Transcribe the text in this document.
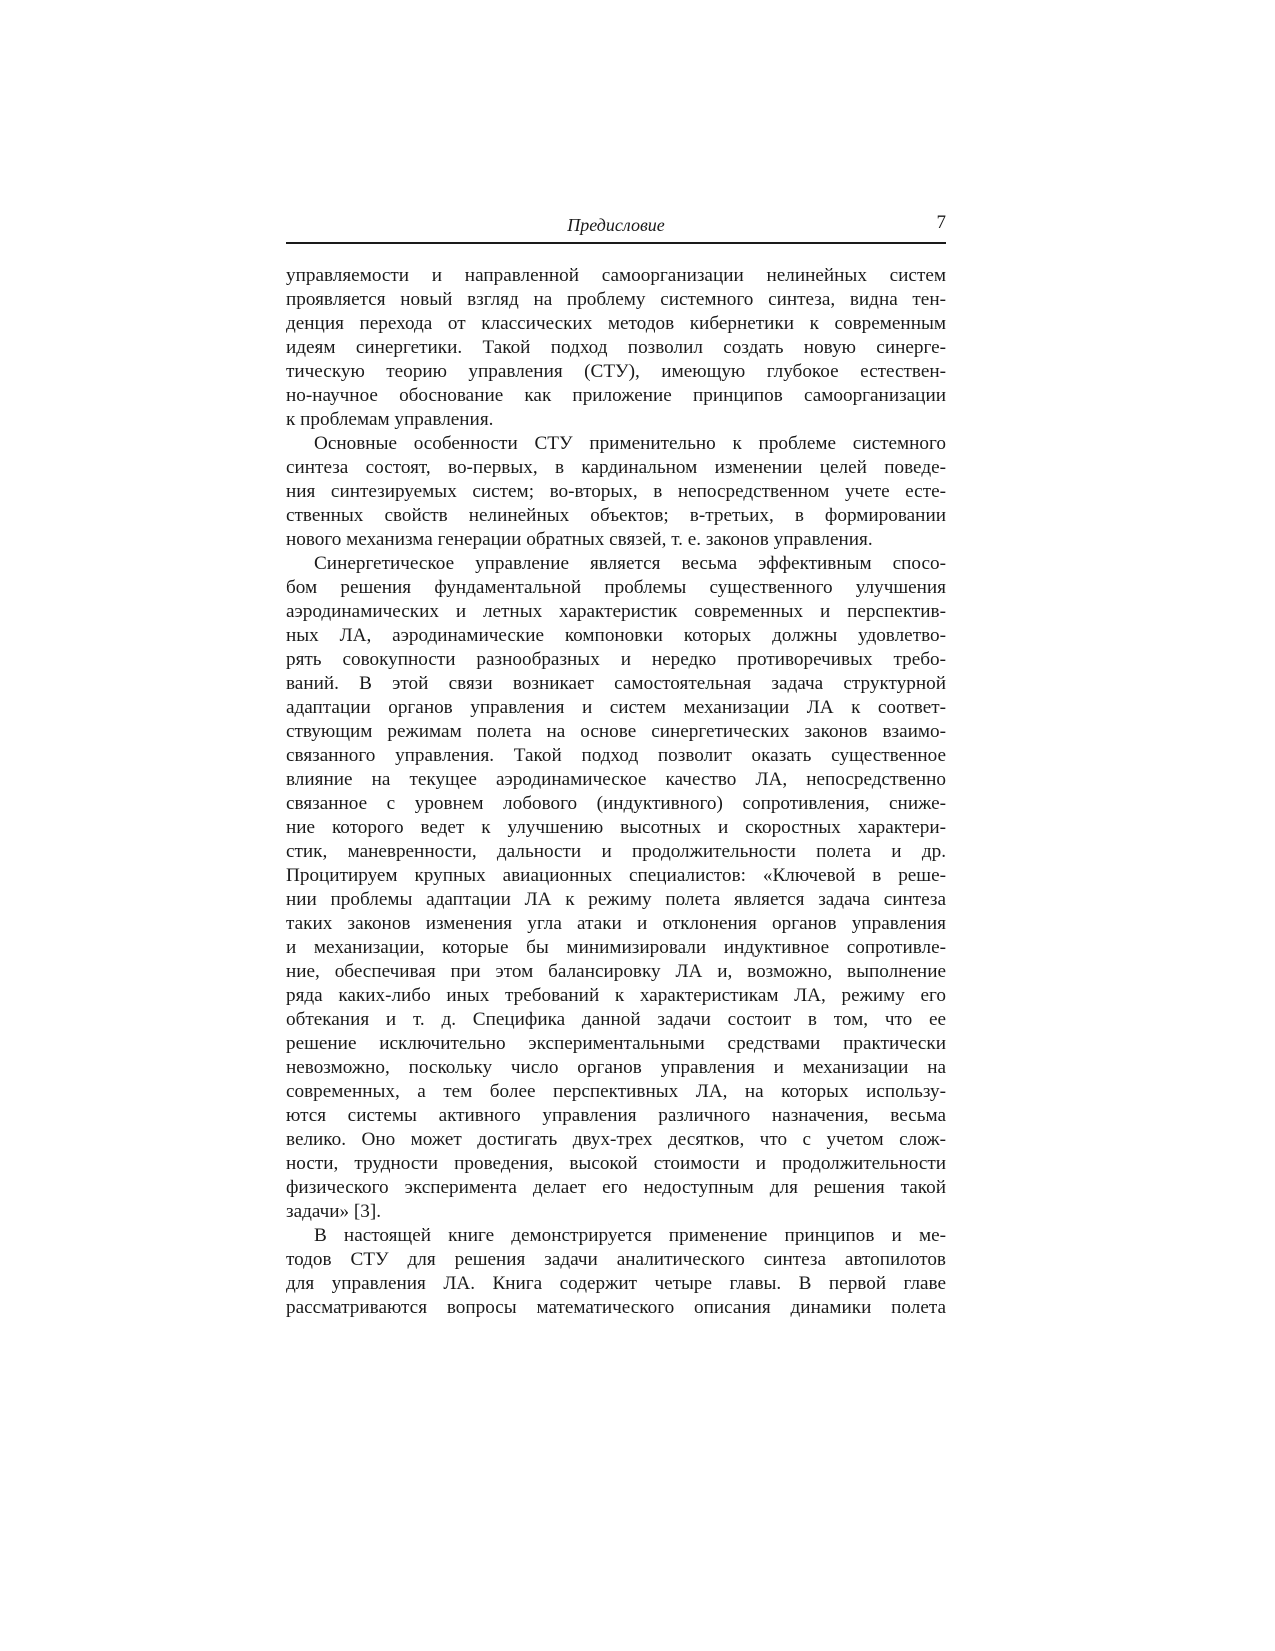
Предисловие	7
управляемости и направленной самоорганизации нелинейных систем
проявляется новый взгляд на проблему системного синтеза, видна тен-
денция перехода от классических методов кибернетики к современным
идеям синергетики. Такой подход позволил создать новую синерге-
тическую теорию управления (СТУ), имеющую глубокое естествен-
но-научное обоснование как приложение принципов самоорганизации
к проблемам управления.
Основные особенности СТУ применительно к проблеме системного
синтеза состоят, во-первых, в кардинальном изменении целей поведе-
ния синтезируемых систем; во-вторых, в непосредственном учете есте-
ственных свойств нелинейных объектов; в-третьих, в формировании
нового механизма генерации обратных связей, т. е. законов управления.
Синергетическое управление является весьма эффективным спосо-
бом решения фундаментальной проблемы существенного улучшения
аэродинамических и летных характеристик современных и перспектив-
ных ЛА, аэродинамические компоновки которых должны удовлетво-
рять совокупности разнообразных и нередко противоречивых требо-
ваний. В этой связи возникает самостоятельная задача структурной
адаптации органов управления и систем механизации ЛА к соответ-
ствующим режимам полета на основе синергетических законов взаимо-
связанного управления. Такой подход позволит оказать существенное
влияние на текущее аэродинамическое качество ЛА, непосредственно
связанное с уровнем лобового (индуктивного) сопротивления, сниже-
ние которого ведет к улучшению высотных и скоростных характери-
стик, маневренности, дальности и продолжительности полета и др.
Процитируем крупных авиационных специалистов: «Ключевой в реше-
нии проблемы адаптации ЛА к режиму полета является задача синтеза
таких законов изменения угла атаки и отклонения органов управления
и механизации, которые бы минимизировали индуктивное сопротивле-
ние, обеспечивая при этом балансировку ЛА и, возможно, выполнение
ряда каких-либо иных требований к характеристикам ЛА, режиму его
обтекания и т. д. Специфика данной задачи состоит в том, что ее
решение исключительно экспериментальными средствами практически
невозможно, поскольку число органов управления и механизации на
современных, а тем более перспективных ЛА, на которых использу-
ются системы активного управления различного назначения, весьма
велико. Оно может достигать двух-трех десятков, что с учетом слож-
ности, трудности проведения, высокой стоимости и продолжительности
физического эксперимента делает его недоступным для решения такой
задачи» [3].
В настоящей книге демонстрируется применение принципов и ме-
тодов СТУ для решения задачи аналитического синтеза автопилотов
для управления ЛА. Книга содержит четыре главы. В первой главе
рассматриваются вопросы математического описания динамики полета
